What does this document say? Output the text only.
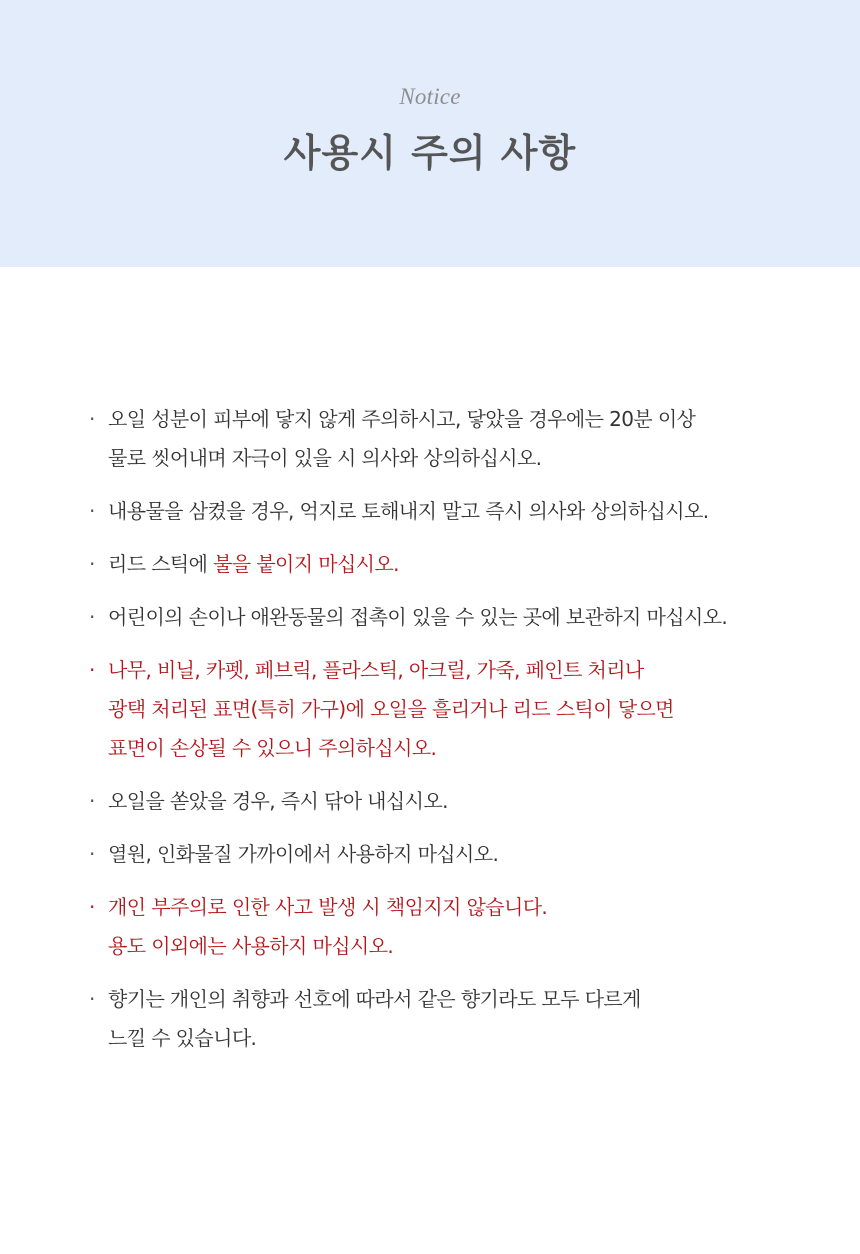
Notice
사용시 주의 사항
· 오일 성분이 피부에 닿지 않게 주의하시고, 닿았을 경우에는 20분 이상
물로 씻어내며 자극이 있을 시 의사와 상의하십시오.
· 내용물을 삼켰을 경우, 억지로 토해내지 말고 즉시 의사와 상의하십시오.
· 리드 스틱에 불을 붙이지 마십시오.
· 어린이의 손이나 애완동물의 접촉이 있을 수 있는 곳에 보관하지 마십시오.
· 나무, 비닐, 카펫, 페브릭, 플라스틱, 아크릴, 가죽, 페인트 처리나
광택 처리된 표면(특히 가구)에 오일을 흘리거나 리드 스틱이 닿으면
표면이 손상될 수 있으니 주의하십시오.
· 오일을 쏟았을 경우, 즉시 닦아 내십시오.
· 열원, 인화물질 가까이에서 사용하지 마십시오.
· 개인 부주의로 인한 사고 발생 시 책임지지 않습니다.
용도 이외에는 사용하지 마십시오.
· 향기는 개인의 취향과 선호에 따라서 같은 향기라도 모두 다르게
느낄 수 있습니다.
